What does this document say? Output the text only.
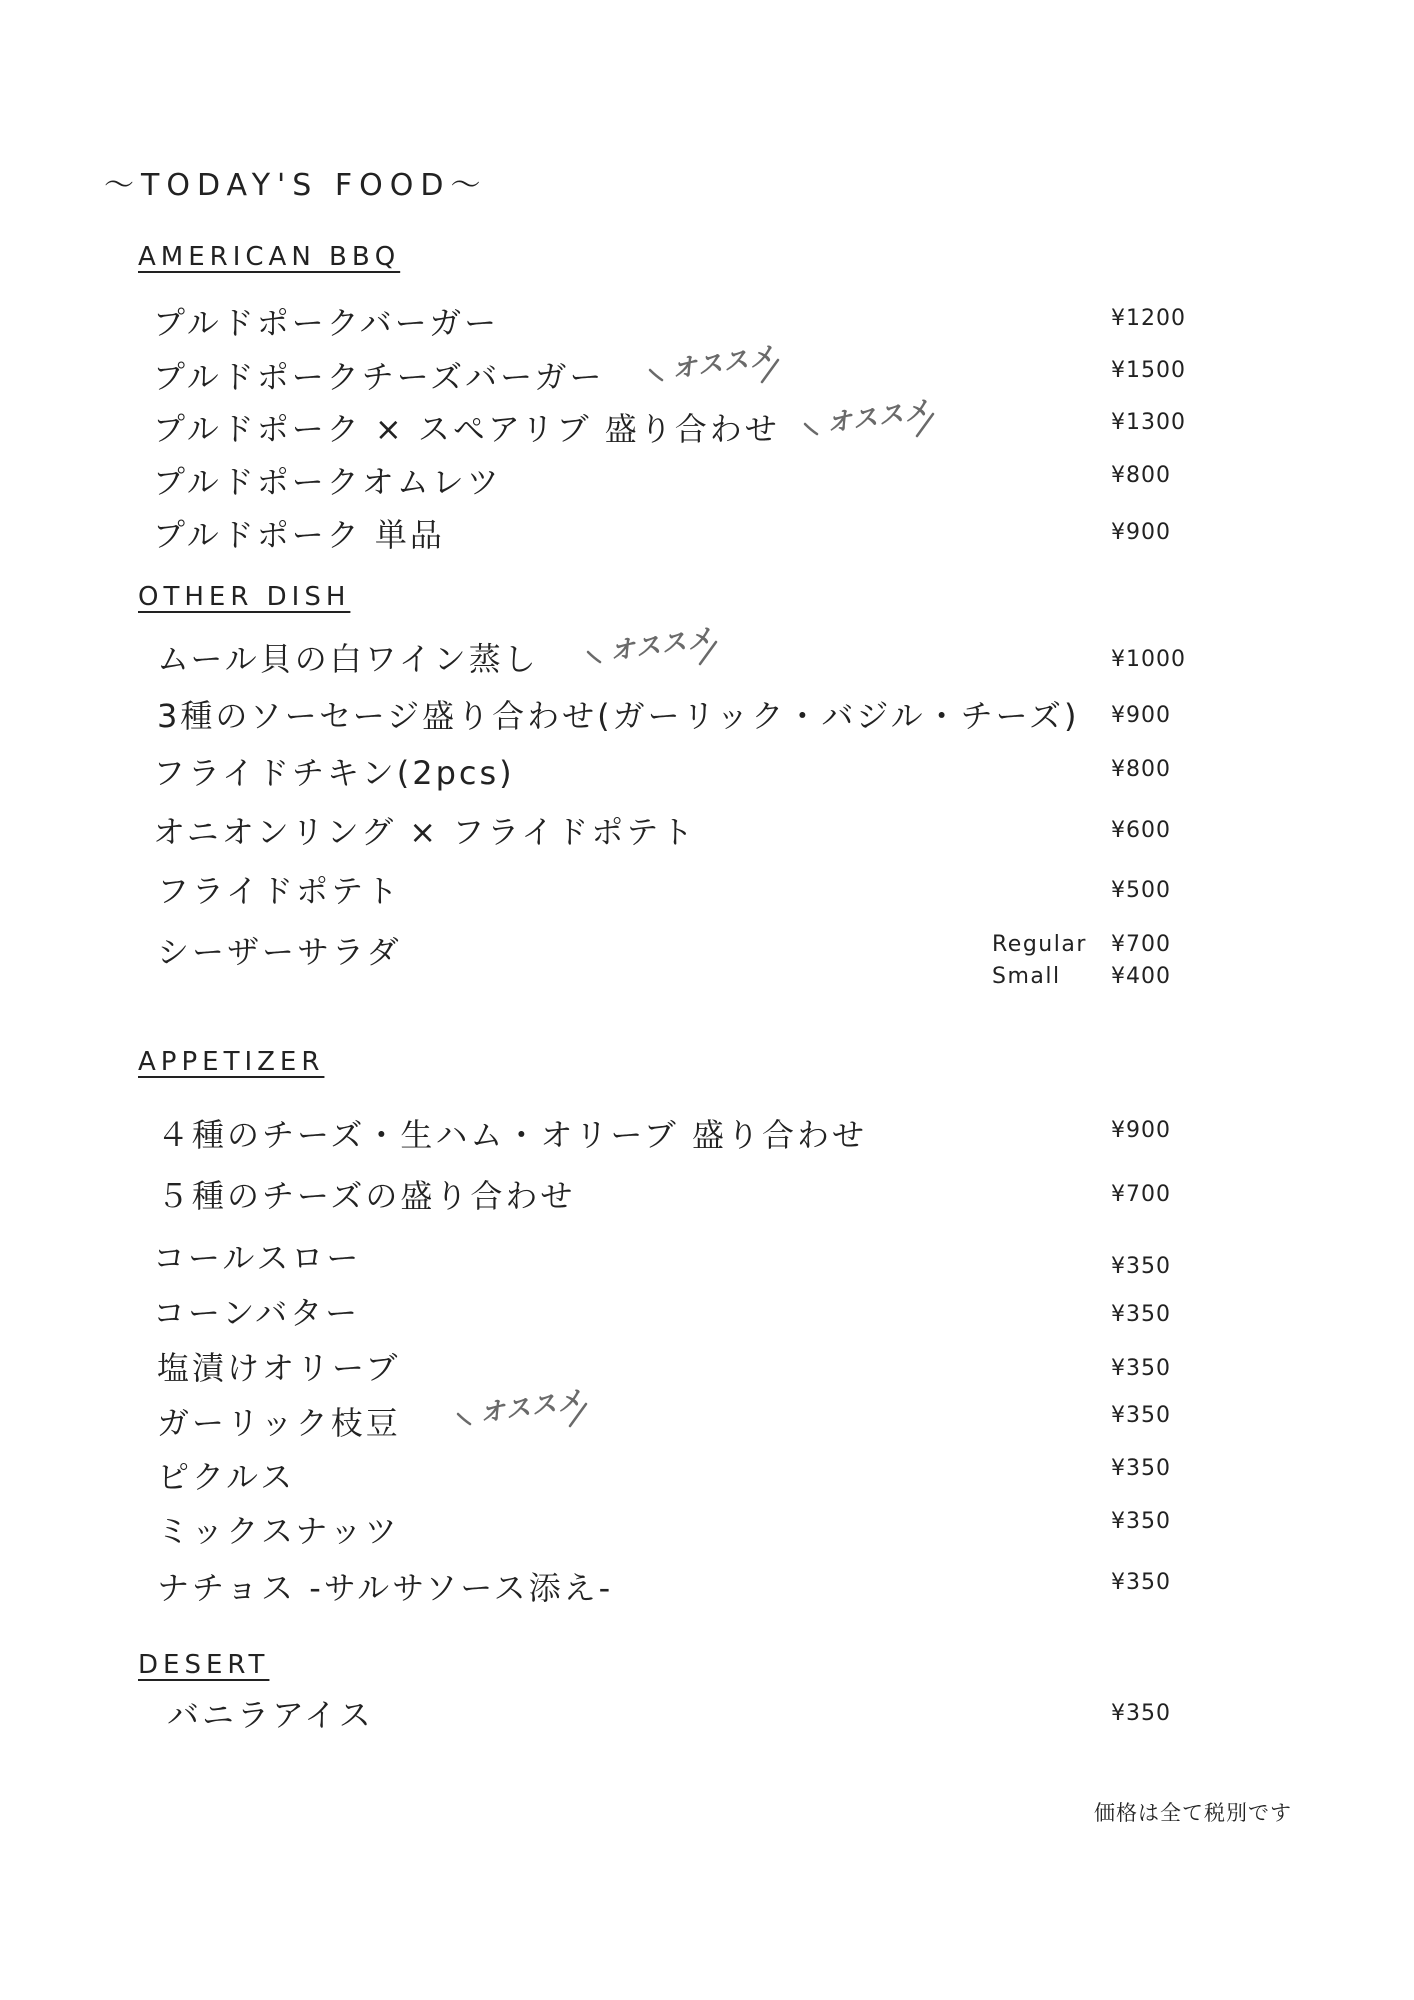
〜TODAY'S FOOD〜
AMERICAN BBQ
プルドポークバーガー	¥1200
プルドポークチーズバーガー	¥1500
プルドポーク × スペアリブ 盛り合わせ	¥1300
プルドポークオムレツ	¥800
プルドポーク 単品	¥900
OTHER DISH
ムール貝の白ワイン蒸し	¥1000
3種のソーセージ盛り合わせ(ガーリック・バジル・チーズ) ¥900
フライドチキン(2pcs)	¥800
オニオンリング × フライドポテト	¥600
フライドポテト	¥500
シーザーサラダ	Regular ¥700
Small ¥400
APPETIZER
４種のチーズ・生ハム・オリーブ 盛り合わせ	¥900
５種のチーズの盛り合わせ	¥700
コールスロー	¥350
コーンバター	¥350
塩漬けオリーブ	¥350
ガーリック枝豆	¥350
ピクルス	¥350
ミックスナッツ	¥350
ナチョス -サルサソース添え-	¥350
DESERT
バニラアイス	¥350
価格は全て税別です
オススメ
オススメ
オススメ
オススメ
